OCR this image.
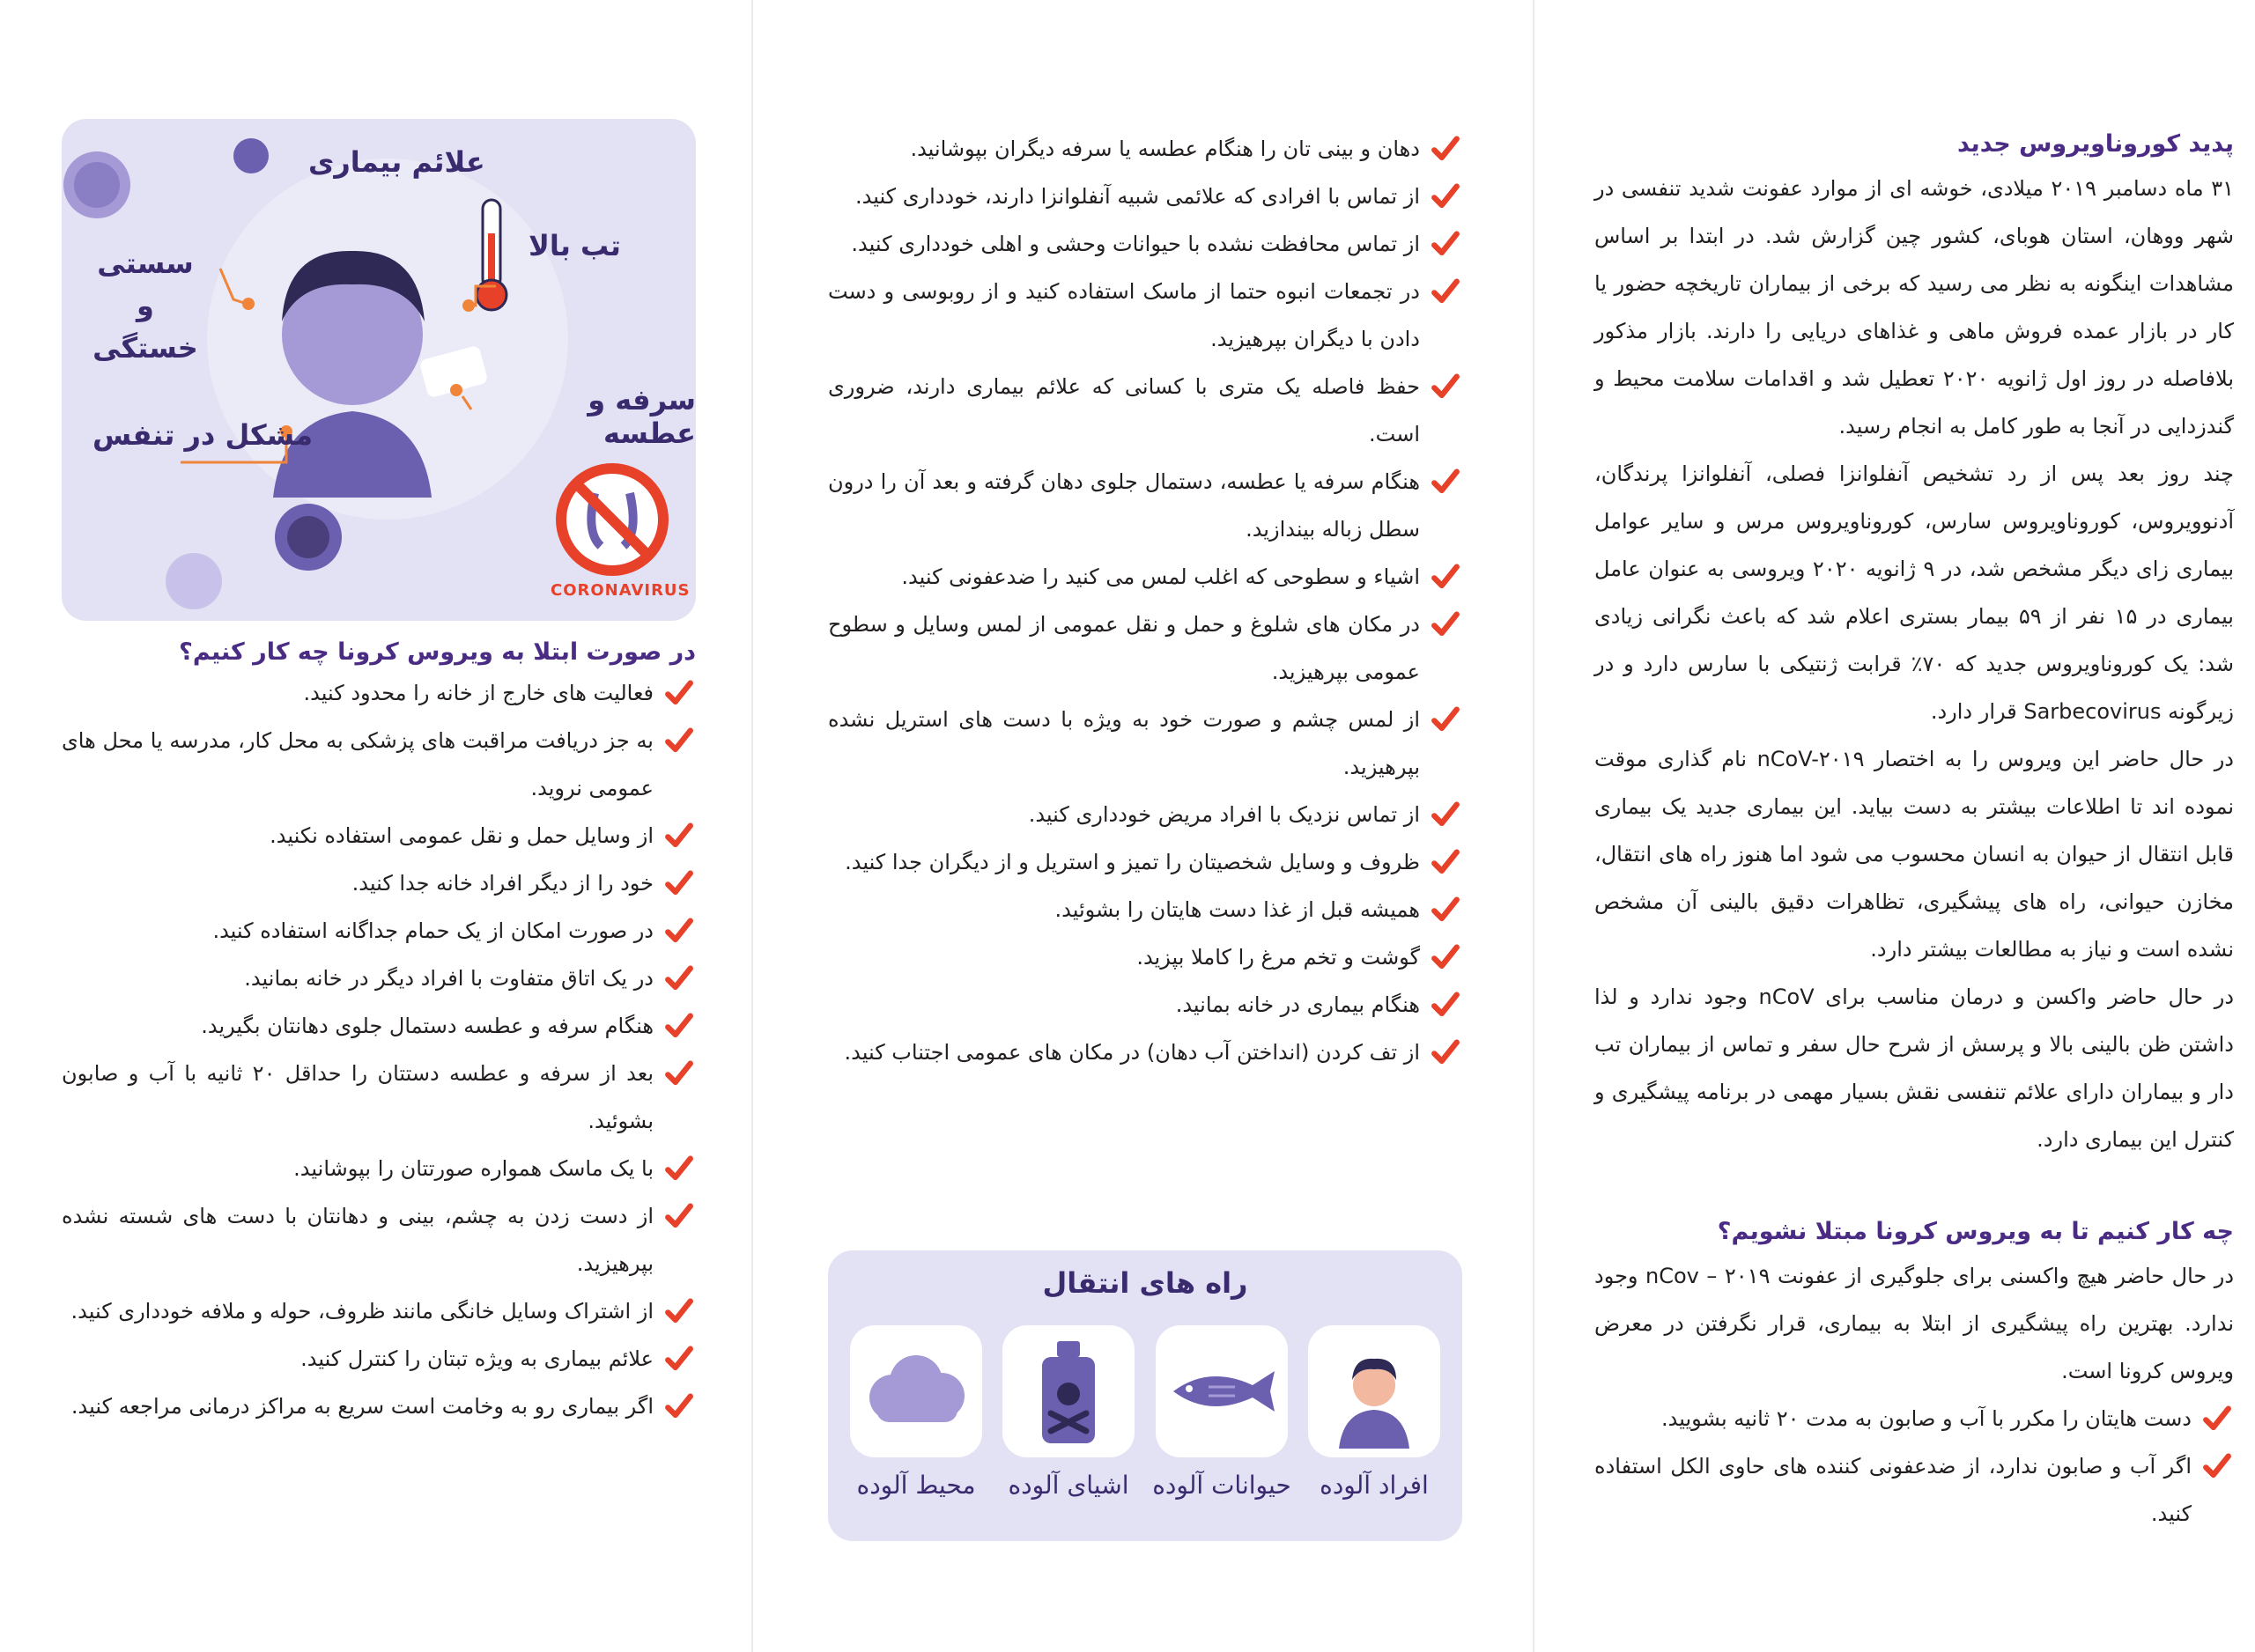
پدید کوروناویروس جدید

۳۱ ماه دسامبر ۲۰۱۹ میلادی، خوشه ای از موارد عفونت شدید تنفسی در شهر ووهان، استان هوبای، کشور چین گزارش شد. در ابتدا بر اساس مشاهدات اینگونه به نظر می رسید که برخی از بیماران تاریخچه حضور یا کار در بازار عمده فروش ماهی و غذاهای دریایی را دارند. بازار مذکور بلافاصله در روز اول ژانویه ۲۰۲۰ تعطیل شد و اقدامات سلامت محیط و گندزدایی در آنجا به طور کامل به انجام رسید.

چند روز بعد پس از رد تشخیص آنفلوانزا فصلی، آنفلوانزا پرندگان، آدنوویروس، کوروناویروس سارس، کوروناویروس مرس و سایر عوامل بیماری زای دیگر مشخص شد، در ۹ ژانویه ۲۰۲۰ ویروسی به عنوان عامل بیماری در ۱۵ نفر از ۵۹ بیمار بستری اعلام شد که باعث نگرانی زیادی شد: یک کوروناویروس جدید که ۷۰٪ قرابت ژنتیکی با سارس دارد و در زیرگونه Sarbecovirus قرار دارد.

در حال حاضر این ویروس را به اختصار nCoV-۲۰۱۹ نام گذاری موقت نموده اند تا اطلاعات بیشتر به دست بیاید. این بیماری جدید یک بیماری قابل انتقال از حیوان به انسان محسوب می شود اما هنوز راه های انتقال، مخازن حیوانی، راه های پیشگیری، تظاهرات دقیق بالینی آن مشخص نشده است و نیاز به مطالعات بیشتر دارد.

در حال حاضر واکسن و درمان مناسب برای nCoV وجود ندارد و لذا داشتن ظن بالینی بالا و پرسش از شرح حال سفر و تماس از بیماران تب دار و بیماران دارای علائم تنفسی نقش بسیار مهمی در برنامه پیشگیری و کنترل این بیماری دارد.

چه کار کنیم تا به ویروس کرونا مبتلا نشویم؟

در حال حاضر هیچ واکسنی برای جلوگیری از عفونت nCov – ۲۰۱۹ وجود ندارد. بهترین راه پیشگیری از ابتلا به بیماری، قرار نگرفتن در معرض ویروس کرونا است.

دست هایتان را مکرر با آب و صابون به مدت ۲۰ ثانیه بشویید.
اگر آب و صابون ندارد، از ضدعفونی کننده های حاوی الکل استفاده کنید.
دهان و بینی تان را هنگام عطسه یا سرفه دیگران بپوشانید.
از تماس با افرادی که علائمی شبیه آنفلوانزا دارند، خودداری کنید.
از تماس محافظت نشده با حیوانات وحشی و اهلی خودداری کنید.
در تجمعات انبوه حتما از ماسک استفاده کنید و از روبوسی و دست دادن با دیگران بپرهیزید.
حفظ فاصله یک متری با کسانی که علائم بیماری دارند، ضروری است.
هنگام سرفه یا عطسه، دستمال جلوی دهان گرفته و بعد آن را درون سطل زباله بیندازید.
اشیاء و سطوحی که اغلب لمس می کنید را ضدعفونی کنید.
در مکان های شلوغ و حمل و نقل عمومی از لمس وسایل و سطوح عمومی بپرهیزید.
از لمس چشم و صورت خود به ویژه با دست های استریل نشده بپرهیزید.
از تماس نزدیک با افراد مریض خودداری کنید.
ظروف و وسایل شخصیتان را تمیز و استریل و از دیگران جدا کنید.
همیشه قبل از غذا دست هایتان را بشوئید.
گوشت و تخم مرغ را کاملا بپزید.
هنگام بیماری در خانه بمانید.
از تف کردن (انداختن آب دهان) در مکان های عمومی اجتناب کنید.
راه های انتقال
افراد آلوده
حیوانات آلوده
اشیای آلوده
محیط آلوده
علائم بیماری
تب بالا
سستی و خستگی
سرفه و عطسه
مشکل در تنفس
CORONAVIRUS
در صورت ابتلا به ویروس کرونا چه کار کنیم؟
فعالیت های خارج از خانه را محدود کنید.
به جز دریافت مراقبت های پزشکی به محل کار، مدرسه یا محل های عمومی نروید.
از وسایل حمل و نقل عمومی استفاده نکنید.
خود را از دیگر افراد خانه جدا کنید.
در صورت امکان از یک حمام جداگانه استفاده کنید.
در یک اتاق متفاوت با افراد دیگر در خانه بمانید.
هنگام سرفه و عطسه دستمال جلوی دهانتان بگیرید.
بعد از سرفه و عطسه دستتان را حداقل ۲۰ ثانیه با آب و صابون بشوئید.
با یک ماسک همواره صورتتان را بپوشانید.
از دست زدن به چشم، بینی و دهانتان با دست های شسته نشده بپرهیزید.
از اشتراک وسایل خانگی مانند ظروف، حوله و ملافه خودداری کنید.
علائم بیماری به ویژه تبتان را کنترل کنید.
اگر بیماری رو به وخامت است سریع به مراکز درمانی مراجعه کنید.
